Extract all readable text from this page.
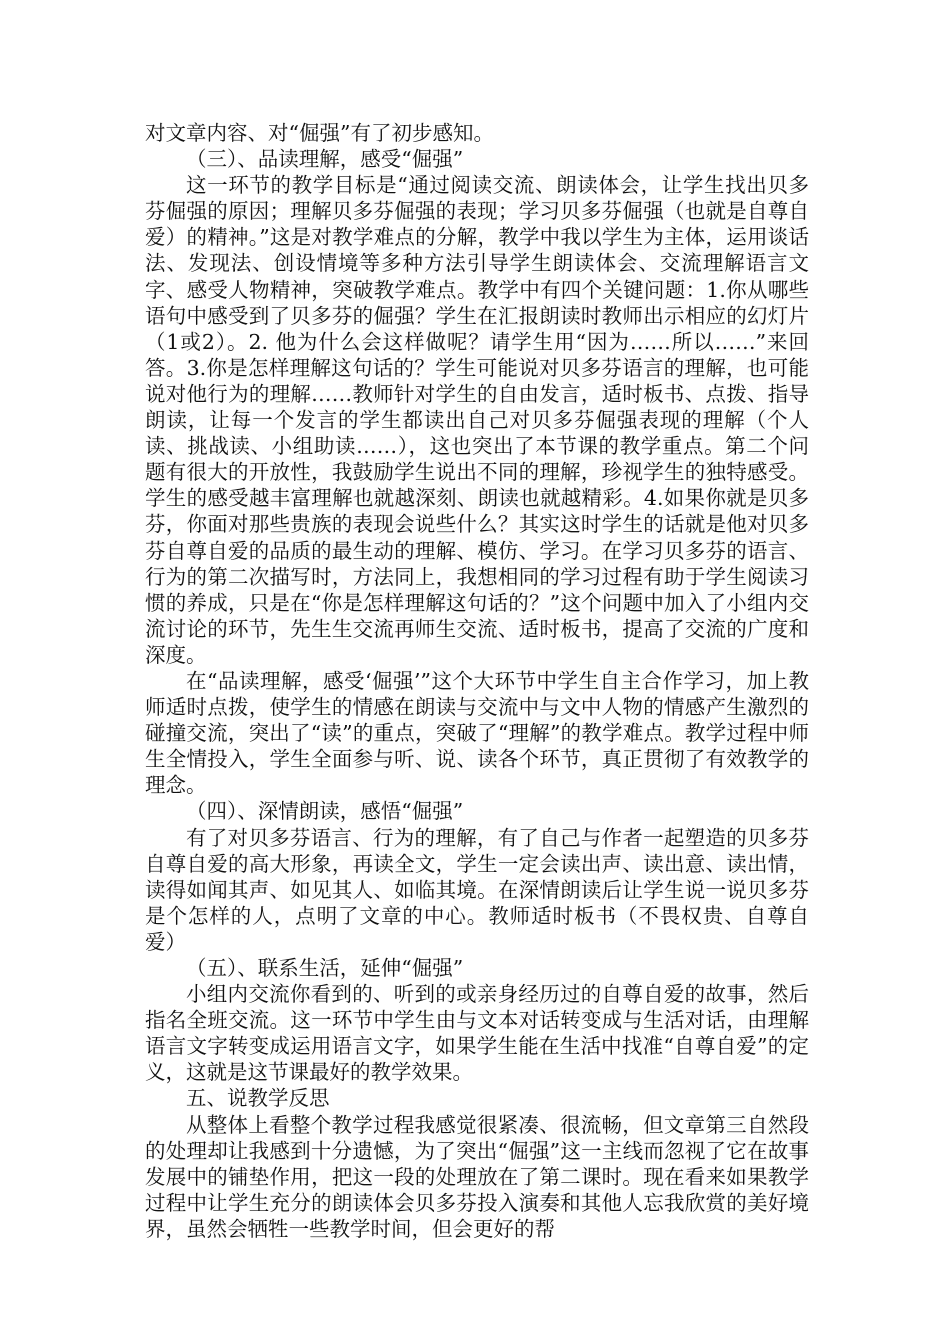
对文章内容、对“倔强”有了初步感知。

（三）、品读理解，感受“倔强”

这一环节的教学目标是“通过阅读交流、朗读体会，让学生找出贝多芬倔强的原因；理解贝多芬倔强的表现；学习贝多芬倔强（也就是自尊自爱）的精神。”这是对教学难点的分解，教学中我以学生为主体，运用谈话法、发现法、创设情境等多种方法引导学生朗读体会、交流理解语言文字、感受人物精神，突破教学难点。教学中有四个关键问题：1.你从哪些语句中感受到了贝多芬的倔强？学生在汇报朗读时教师出示相应的幻灯片（1或2）。2. 他为什么会这样做呢？请学生用“因为……所以……”来回答。3.你是怎样理解这句话的？学生可能说对贝多芬语言的理解，也可能说对他行为的理解……教师针对学生的自由发言，适时板书、点拨、指导朗读，让每一个发言的学生都读出自己对贝多芬倔强表现的理解（个人读、挑战读、小组助读……），这也突出了本节课的教学重点。第二个问题有很大的开放性，我鼓励学生说出不同的理解，珍视学生的独特感受。学生的感受越丰富理解也就越深刻、朗读也就越精彩。4.如果你就是贝多芬，你面对那些贵族的表现会说些什么？其实这时学生的话就是他对贝多芬自尊自爱的品质的最生动的理解、模仿、学习。在学习贝多芬的语言、行为的第二次描写时，方法同上，我想相同的学习过程有助于学生阅读习惯的养成，只是在“你是怎样理解这句话的？”这个问题中加入了小组内交流讨论的环节，先生生交流再师生交流、适时板书，提高了交流的广度和深度。

在“品读理解，感受‘倔强’”这个大环节中学生自主合作学习，加上教师适时点拨，使学生的情感在朗读与交流中与文中人物的情感产生激烈的碰撞交流，突出了“读”的重点，突破了“理解”的教学难点。教学过程中师生全情投入，学生全面参与听、说、读各个环节，真正贯彻了有效教学的理念。

（四）、深情朗读，感悟“倔强”

有了对贝多芬语言、行为的理解，有了自己与作者一起塑造的贝多芬自尊自爱的高大形象，再读全文，学生一定会读出声、读出意、读出情，读得如闻其声、如见其人、如临其境。在深情朗读后让学生说一说贝多芬是个怎样的人，点明了文章的中心。教师适时板书（不畏权贵、自尊自爱）

（五）、联系生活，延伸“倔强”

小组内交流你看到的、听到的或亲身经历过的自尊自爱的故事，然后指名全班交流。这一环节中学生由与文本对话转变成与生活对话，由理解语言文字转变成运用语言文字，如果学生能在生活中找准“自尊自爱”的定义，这就是这节课最好的教学效果。

五、说教学反思

从整体上看整个教学过程我感觉很紧凑、很流畅，但文章第三自然段的处理却让我感到十分遗憾，为了突出“倔强”这一主线而忽视了它在故事发展中的铺垫作用，把这一段的处理放在了第二课时。现在看来如果教学过程中让学生充分的朗读体会贝多芬投入演奏和其他人忘我欣赏的美好境界，虽然会牺牲一些教学时间，但会更好的帮
